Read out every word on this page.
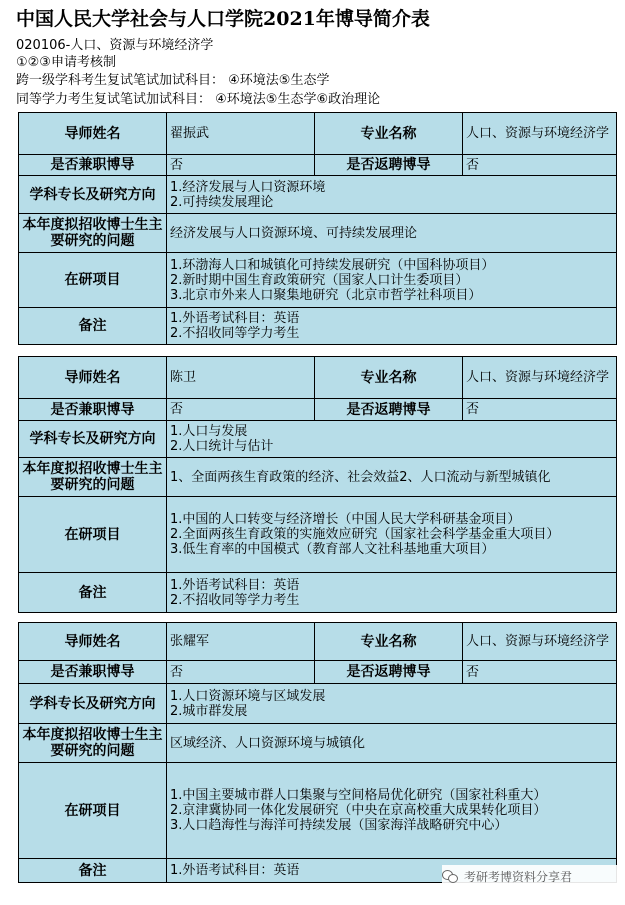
中国人民大学社会与人口学院2021年博导简介表
020106-人口、资源与环境经济学
①②③申请考核制
跨一级学科考生复试笔试加试科目： ④环境法⑤生态学
同等学力考生复试笔试加试科目： ④环境法⑤生态学⑥政治理论
导师姓名	翟振武	专业名称	人口、资源与环境经济学
是否兼职博导	否	是否返聘博导	否
学科专长及研究方向	1.经济发展与人口资源环境
2.可持续发展理论		

本年度拟招收博士生主要研究的问题	经济发展与人口资源环境、可持续发展理论		
在研项目	1.环渤海人口和城镇化可持续发展研究（中国科协项目）
2.新时期中国生育政策研究（国家人口计生委项目）
3.北京市外来人口聚集地研究（北京市哲学社科项目）		

备注	1.外语考试科目：英语
2.不招收同等学力考生		
导师姓名	陈卫	专业名称	人口、资源与环境经济学
是否兼职博导	否	是否返聘博导	否
学科专长及研究方向	1.人口与发展
2.人口统计与估计		

本年度拟招收博士生主要研究的问题	1、全面两孩生育政策的经济、社会效益2、人口流动与新型城镇化		
在研项目	1.中国的人口转变与经济增长（中国人民大学科研基金项目）
2.全面两孩生育政策的实施效应研究（国家社会科学基金重大项目）
3.低生育率的中国模式（教育部人文社科基地重大项目）		

备注	1.外语考试科目：英语
2.不招收同等学力考生		
导师姓名	张耀军	专业名称	人口、资源与环境经济学
是否兼职博导	否	是否返聘博导	否
学科专长及研究方向	1.人口资源环境与区域发展
2.城市群发展		

本年度拟招收博士生主要研究的问题	区域经济、人口资源环境与城镇化		
在研项目	1.中国主要城市群人口集聚与空间格局优化研究（国家社科重大）
2.京津冀协同一体化发展研究（中央在京高校重大成果转化项目）
3.人口趋海性与海洋可持续发展（国家海洋战略研究中心）		

备注	1.外语考试科目：英语			考研考博资料分享君
